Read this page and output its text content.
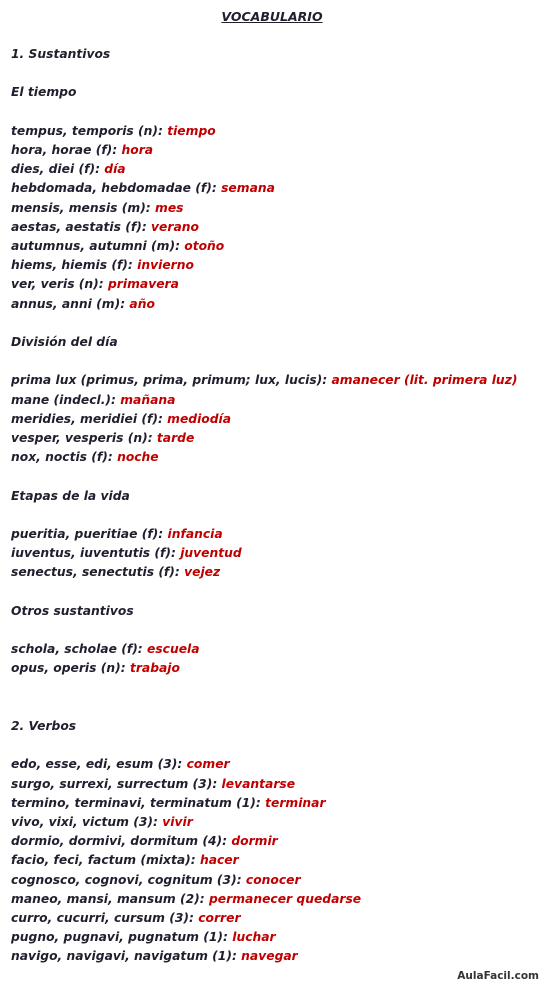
VOCABULARIO
AulaFacil.com
1. Sustantivos
El tiempo
tempus, temporis (n): tiempo
hora, horae (f): hora
dies, diei (f): día
hebdomada, hebdomadae (f): semana
mensis, mensis (m): mes
aestas, aestatis (f): verano
autumnus, autumni (m): otoño
hiems, hiemis (f): invierno
ver, veris (n): primavera
annus, anni (m): año
División del día
prima lux (primus, prima, primum; lux, lucis): amanecer (lit. primera luz)
mane (indecl.): mañana
meridies, meridiei (f): mediodía
vesper, vesperis (n): tarde
nox, noctis (f): noche
Etapas de la vida
pueritia, pueritiae (f): infancia
iuventus, iuventutis (f): juventud
senectus, senectutis (f): vejez
Otros sustantivos
schola, scholae (f): escuela
opus, operis (n): trabajo
2. Verbos
edo, esse, edi, esum (3): comer
surgo, surrexi, surrectum (3): levantarse
termino, terminavi, terminatum (1): terminar
vivo, vixi, victum (3): vivir
dormio, dormivi, dormitum (4): dormir
facio, feci, factum (mixta): hacer
cognosco, cognovi, cognitum (3): conocer
maneo, mansi, mansum (2): permanecer quedarse
curro, cucurri, cursum (3): correr
pugno, pugnavi, pugnatum (1): luchar
navigo, navigavi, navigatum (1): navegar
